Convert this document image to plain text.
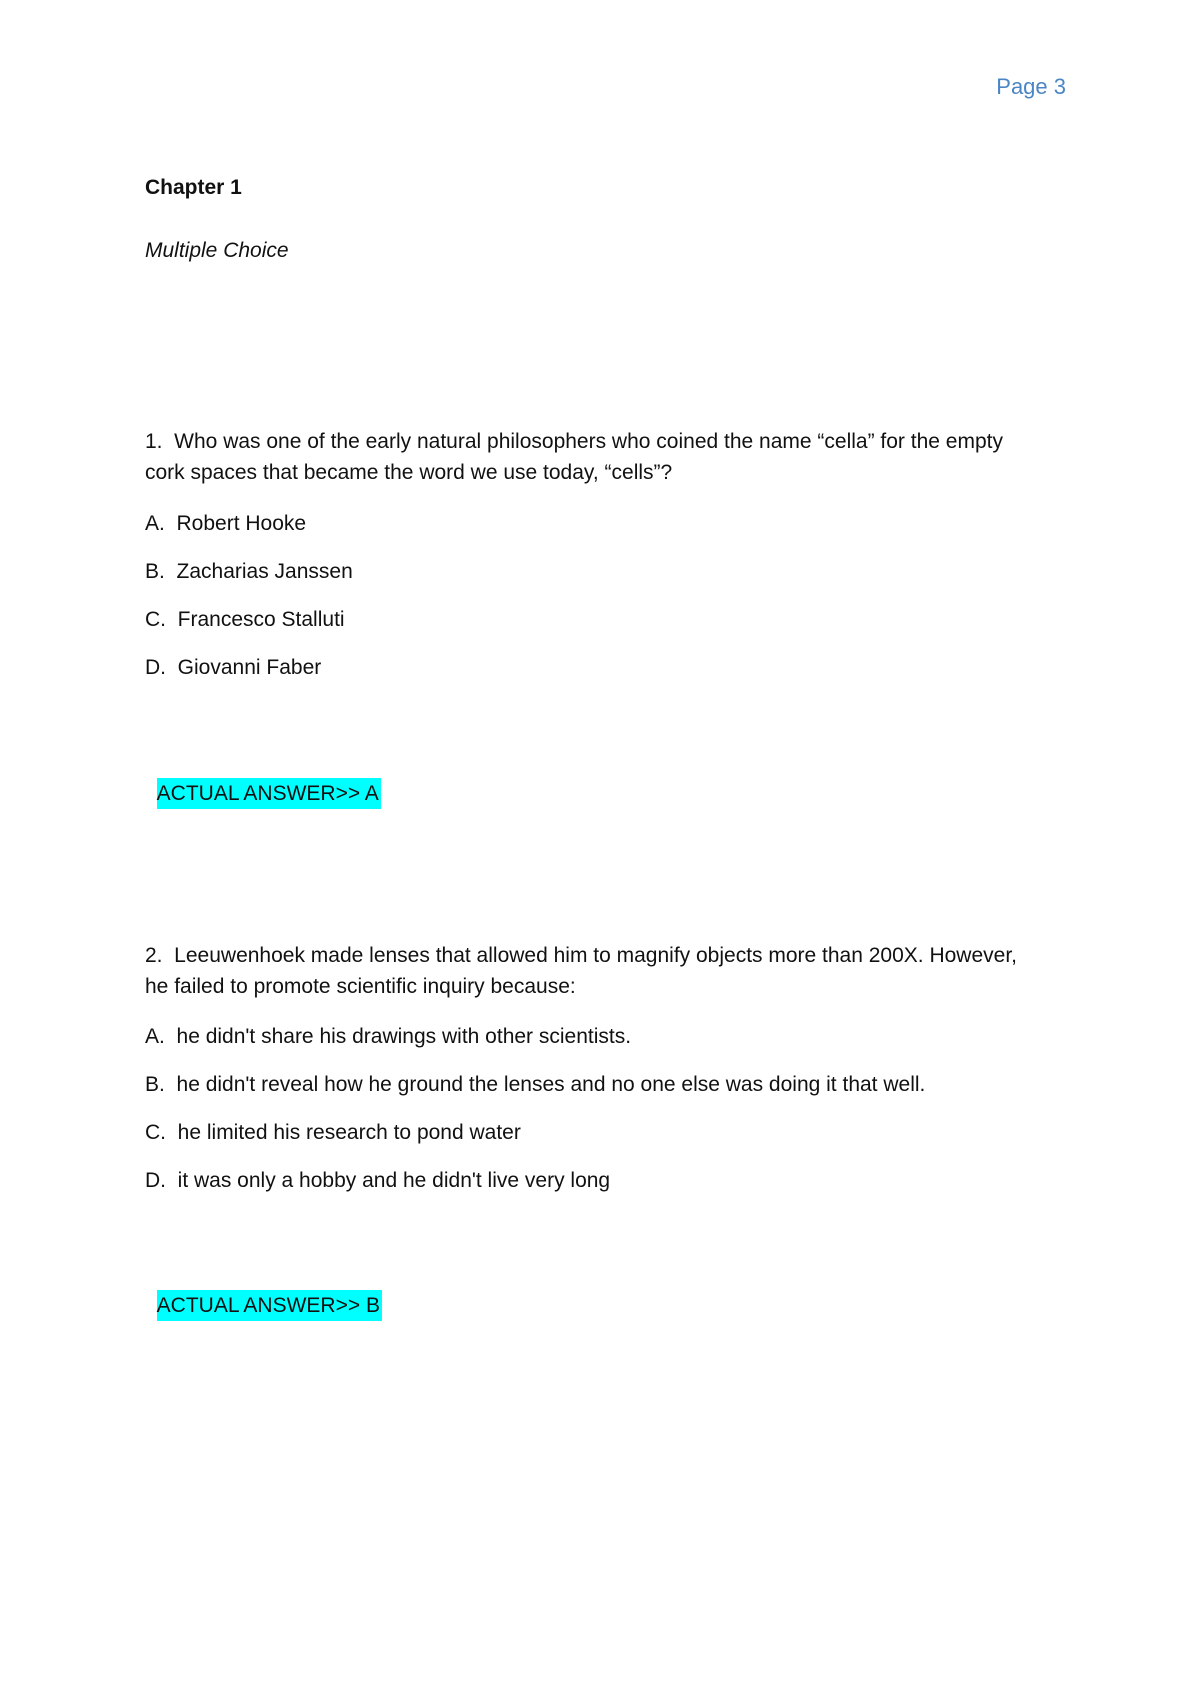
Page 3
Chapter 1
Multiple Choice
1.  Who was one of the early natural philosophers who coined the name “cella” for the empty cork spaces that became the word we use today, “cells”?
A.  Robert Hooke
B.  Zacharias Janssen
C.  Francesco Stalluti
D.  Giovanni Faber

ACTUAL ANSWER>> A

2.  Leeuwenhoek made lenses that allowed him to magnify objects more than 200X. However, he failed to promote scientific inquiry because:
A.  he didn't share his drawings with other scientists.
B.  he didn't reveal how he ground the lenses and no one else was doing it that well.
C.  he limited his research to pond water
D.  it was only a hobby and he didn't live very long

ACTUAL ANSWER>> B
